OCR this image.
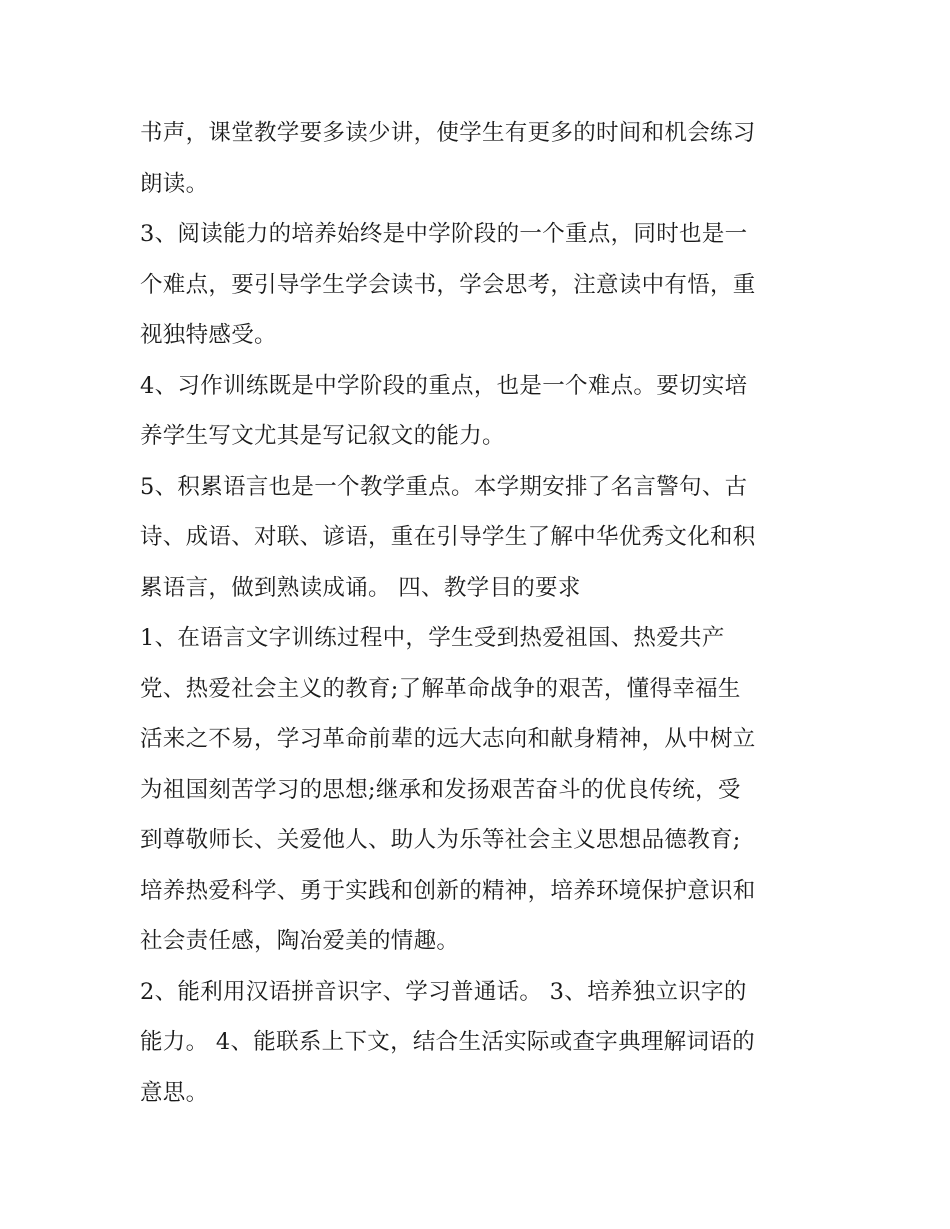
书声，课堂教学要多读少讲，使学生有更多的时间和机会练习
朗读。
3、阅读能力的培养始终是中学阶段的一个重点，同时也是一
个难点，要引导学生学会读书，学会思考，注意读中有悟，重
视独特感受。
4、习作训练既是中学阶段的重点，也是一个难点。要切实培
养学生写文尤其是写记叙文的能力。
5、积累语言也是一个教学重点。本学期安排了名言警句、古
诗、成语、对联、谚语，重在引导学生了解中华优秀文化和积
累语言，做到熟读成诵。 四、教学目的要求
1、在语言文字训练过程中，学生受到热爱祖国、热爱共产
党、热爱社会主义的教育;了解革命战争的艰苦，懂得幸福生
活来之不易，学习革命前辈的远大志向和献身精神，从中树立
为祖国刻苦学习的思想;继承和发扬艰苦奋斗的优良传统，受
到尊敬师长、关爱他人、助人为乐等社会主义思想品德教育;
培养热爱科学、勇于实践和创新的精神，培养环境保护意识和
社会责任感，陶冶爱美的情趣。
2、能利用汉语拼音识字、学习普通话。 3、培养独立识字的
能力。 4、能联系上下文，结合生活实际或查字典理解词语的
意思。
